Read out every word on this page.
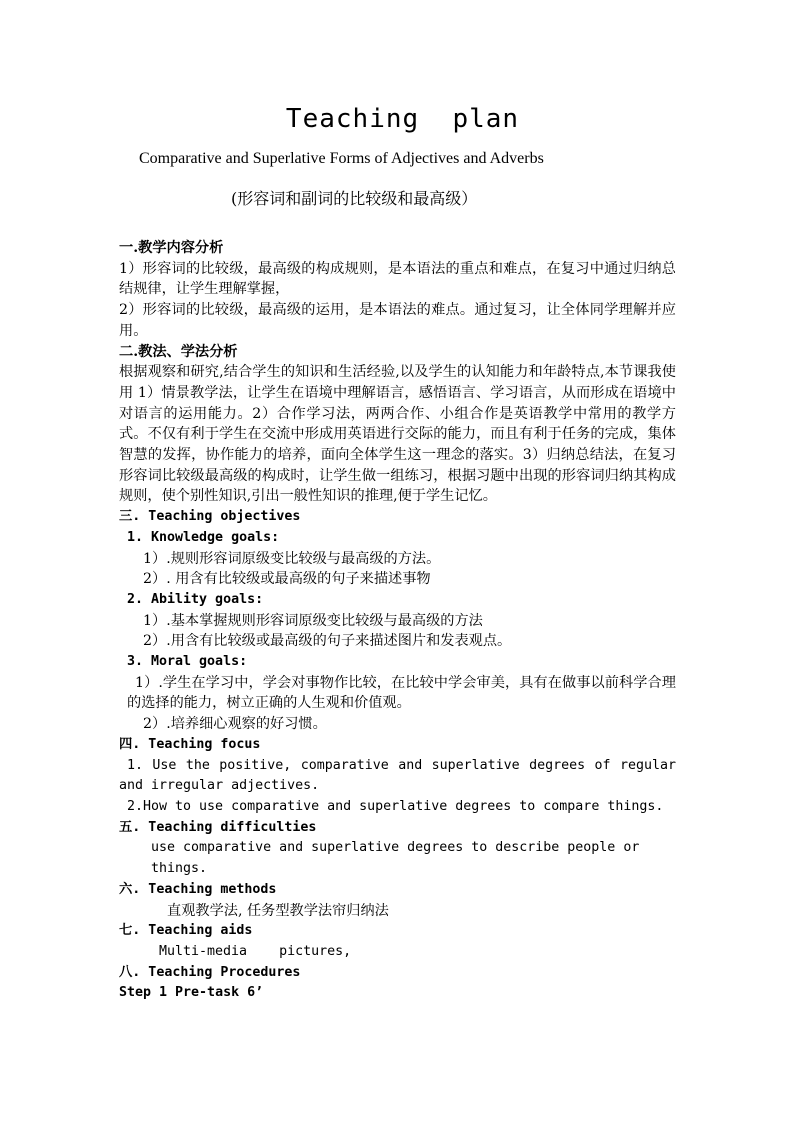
Teaching  plan
Comparative and Superlative Forms of Adjectives and Adverbs
(形容词和副词的比较级和最高级）

一.教学内容分析

1）形容词的比较级，最高级的构成规则，是本语法的重点和难点，在复习中通过归纳总结规律，让学生理解掌握，

2）形容词的比较级，最高级的运用，是本语法的难点。通过复习，让全体同学理解并应用。

二.教法、学法分析

根据观察和研究,结合学生的知识和生活经验,以及学生的认知能力和年龄特点,本节课我使用 1）情景教学法，让学生在语境中理解语言，感悟语言、学习语言，从而形成在语境中对语言的运用能力。2）合作学习法，两两合作、小组合作是英语教学中常用的教学方式。不仅有利于学生在交流中形成用英语进行交际的能力，而且有利于任务的完成，集体智慧的发挥，协作能力的培养，面向全体学生这一理念的落实。3）归纳总结法，在复习形容词比较级最高级的构成时，让学生做一组练习，根据习题中出现的形容词归纳其构成规则，使个别性知识,引出一般性知识的推理,便于学生记忆。

三. Teaching objectives

1. Knowledge goals:

1）.规则形容词原级变比较级与最高级的方法。

2）. 用含有比较级或最高级的句子来描述事物

2. Ability goals:

1）.基本掌握规则形容词原级变比较级与最高级的方法

2）.用含有比较级或最高级的句子来描述图片和发表观点。

3. Moral goals:

1）.学生在学习中，学会对事物作比较，在比较中学会审美，具有在做事以前科学合理的选择的能力，树立正确的人生观和价值观。

2）.培养细心观察的好习惯。

四. Teaching focus

1. Use the positive, comparative and superlative degrees of regular and irregular adjectives.

2.How to use comparative and superlative degrees to compare things.

五. Teaching difficulties

use comparative and superlative degrees to describe people or things.

六. Teaching methods

直观教学法, 任务型教学法帘归纳法

七. Teaching aids

Multi-media    pictures,

八. Teaching Procedures

Step 1 Pre-task 6’
